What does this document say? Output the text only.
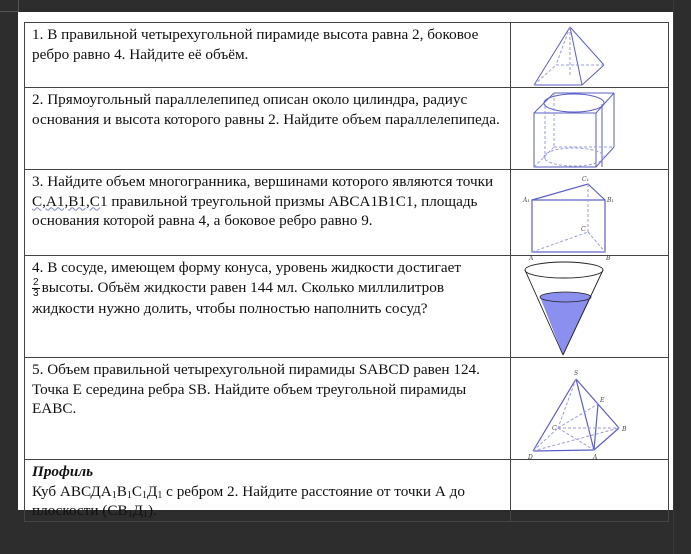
1. В правильной четырехугольной пирамиде высота равна 2, боковое ребро равно 4. Найдите её объём.	

2. Прямоугольный параллелепипед описан около цилиндра, радиус основания и высота которого равны 2. Найдите объем параллелепипеда.	

3. Найдите объем многогранника, вершинами которого являются точки C,A1,B1,C1 правильной треугольной призмы ABCA1B1C1, площадь основания которой равна 4, а боковое ребро равно 9.	
C₁
A₁	B₁
C
A	B

4. В сосуде, имеющем форму конуса, уровень жидкости достигает

$\frac{2}{3}$ высоты. Объём жидкости равен 144 мл. Сколько миллилитров
жидкости нужно долить, чтобы полностью наполнить сосуд?	

5. Объем правильной четырехугольной пирамиды SABCD равен 124. Точка E середина ребра SB. Найдите объем треугольной пирамиды EABC.	
S
E
C	B
D	A

Профиль
Куб $АВСДА_1В_1С_1Д_1$ с ребром 2. Найдите расстояние от точки А до плоскости $(СВ_1Д_1)$.	
